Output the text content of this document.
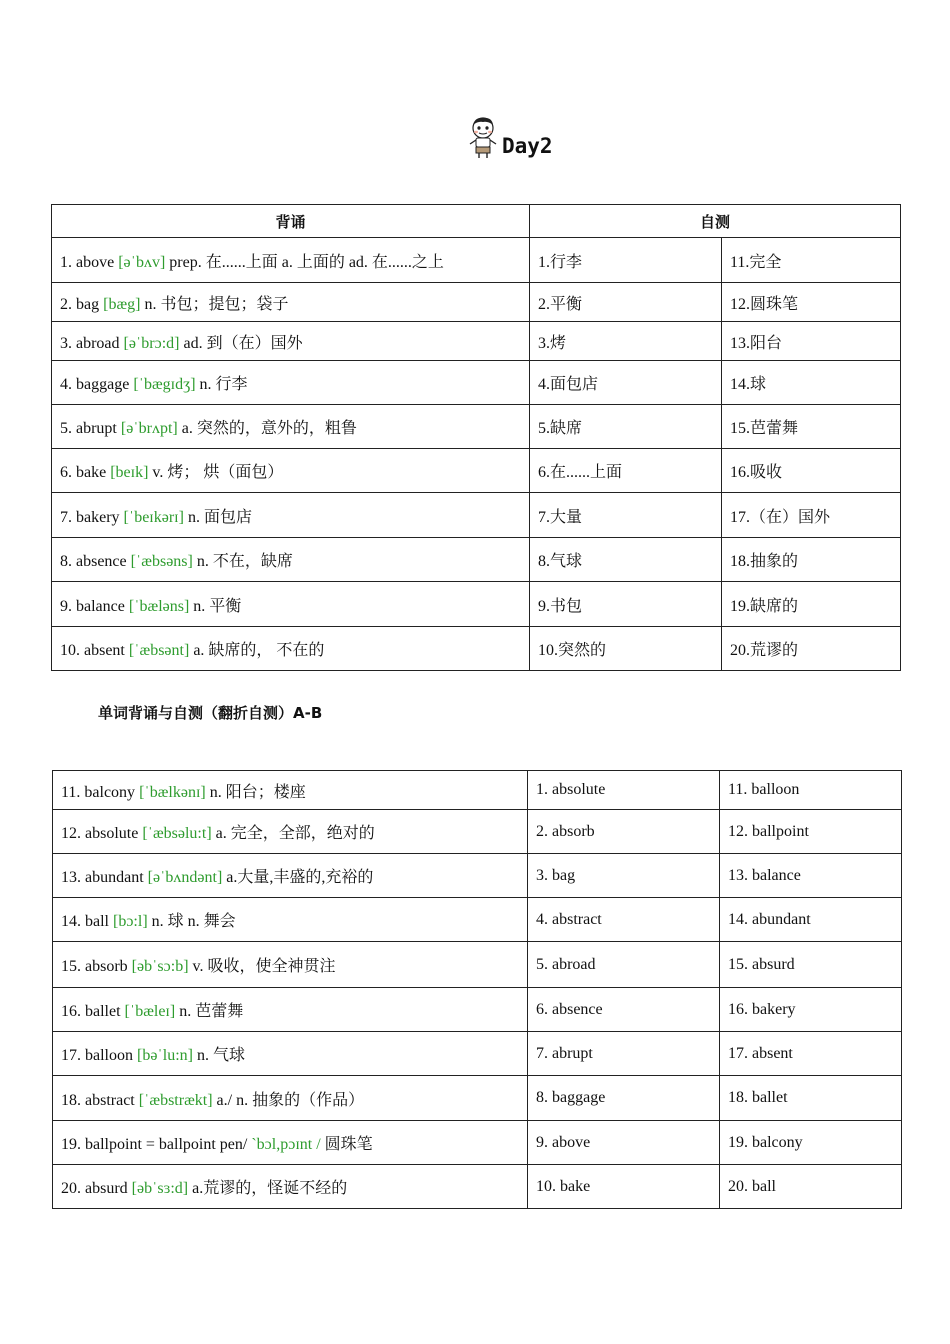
Day2
背诵	自测	
1. above [əˈbʌv] prep. 在......上面 a. 上面的 ad. 在......之上	1.行李	11.完全
2. bag [bæg] n. 书包；提包；袋子	2.平衡	12.圆珠笔
3. abroad [əˈbrɔ:d] ad. 到（在）国外	3.烤	13.阳台
4. baggage [ˈbægɪdʒ] n. 行李	4.面包店	14.球
5. abrupt [əˈbrʌpt] a. 突然的，意外的，粗鲁	5.缺席	15.芭蕾舞
6. bake [beɪk] v. 烤； 烘（面包）	6.在......上面	16.吸收
7. bakery [ˈbeɪkərɪ] n. 面包店	7.大量	17.（在）国外
8. absence [ˈæbsəns] n. 不在，缺席	8.气球	18.抽象的
9. balance [ˈbæləns] n. 平衡	9.书包	19.缺席的
10. absent [ˈæbsənt] a. 缺席的， 不在的	10.突然的	20.荒谬的
单词背诵与自测（翻折自测）A-B
11. balcony [ˈbælkənɪ] n. 阳台；楼座	1. absolute	11. balloon
12. absolute [ˈæbsəlu:t] a. 完全，全部，绝对的	2. absorb	12. ballpoint
13. abundant [əˈbʌndənt] a.大量,丰盛的,充裕的	3. bag	13. balance
14. ball [bɔ:l] n. 球 n. 舞会	4. abstract	14. abundant
15. absorb [əbˈsɔ:b] v. 吸收，使全神贯注	5. abroad	15. absurd
16. ballet [ˈbæleɪ] n. 芭蕾舞	6. absence	16. bakery
17. balloon [bəˈlu:n] n. 气球	7. abrupt	17. absent
18. abstract [ˈæbstrækt] a./ n. 抽象的（作品）	8. baggage	18. ballet
19. ballpoint = ballpoint pen/ `bɔl,pɔɪnt / 圆珠笔	9. above	19. balcony
20. absurd [əbˈsɜ:d] a.荒谬的，怪诞不经的	10. bake	20. ball
